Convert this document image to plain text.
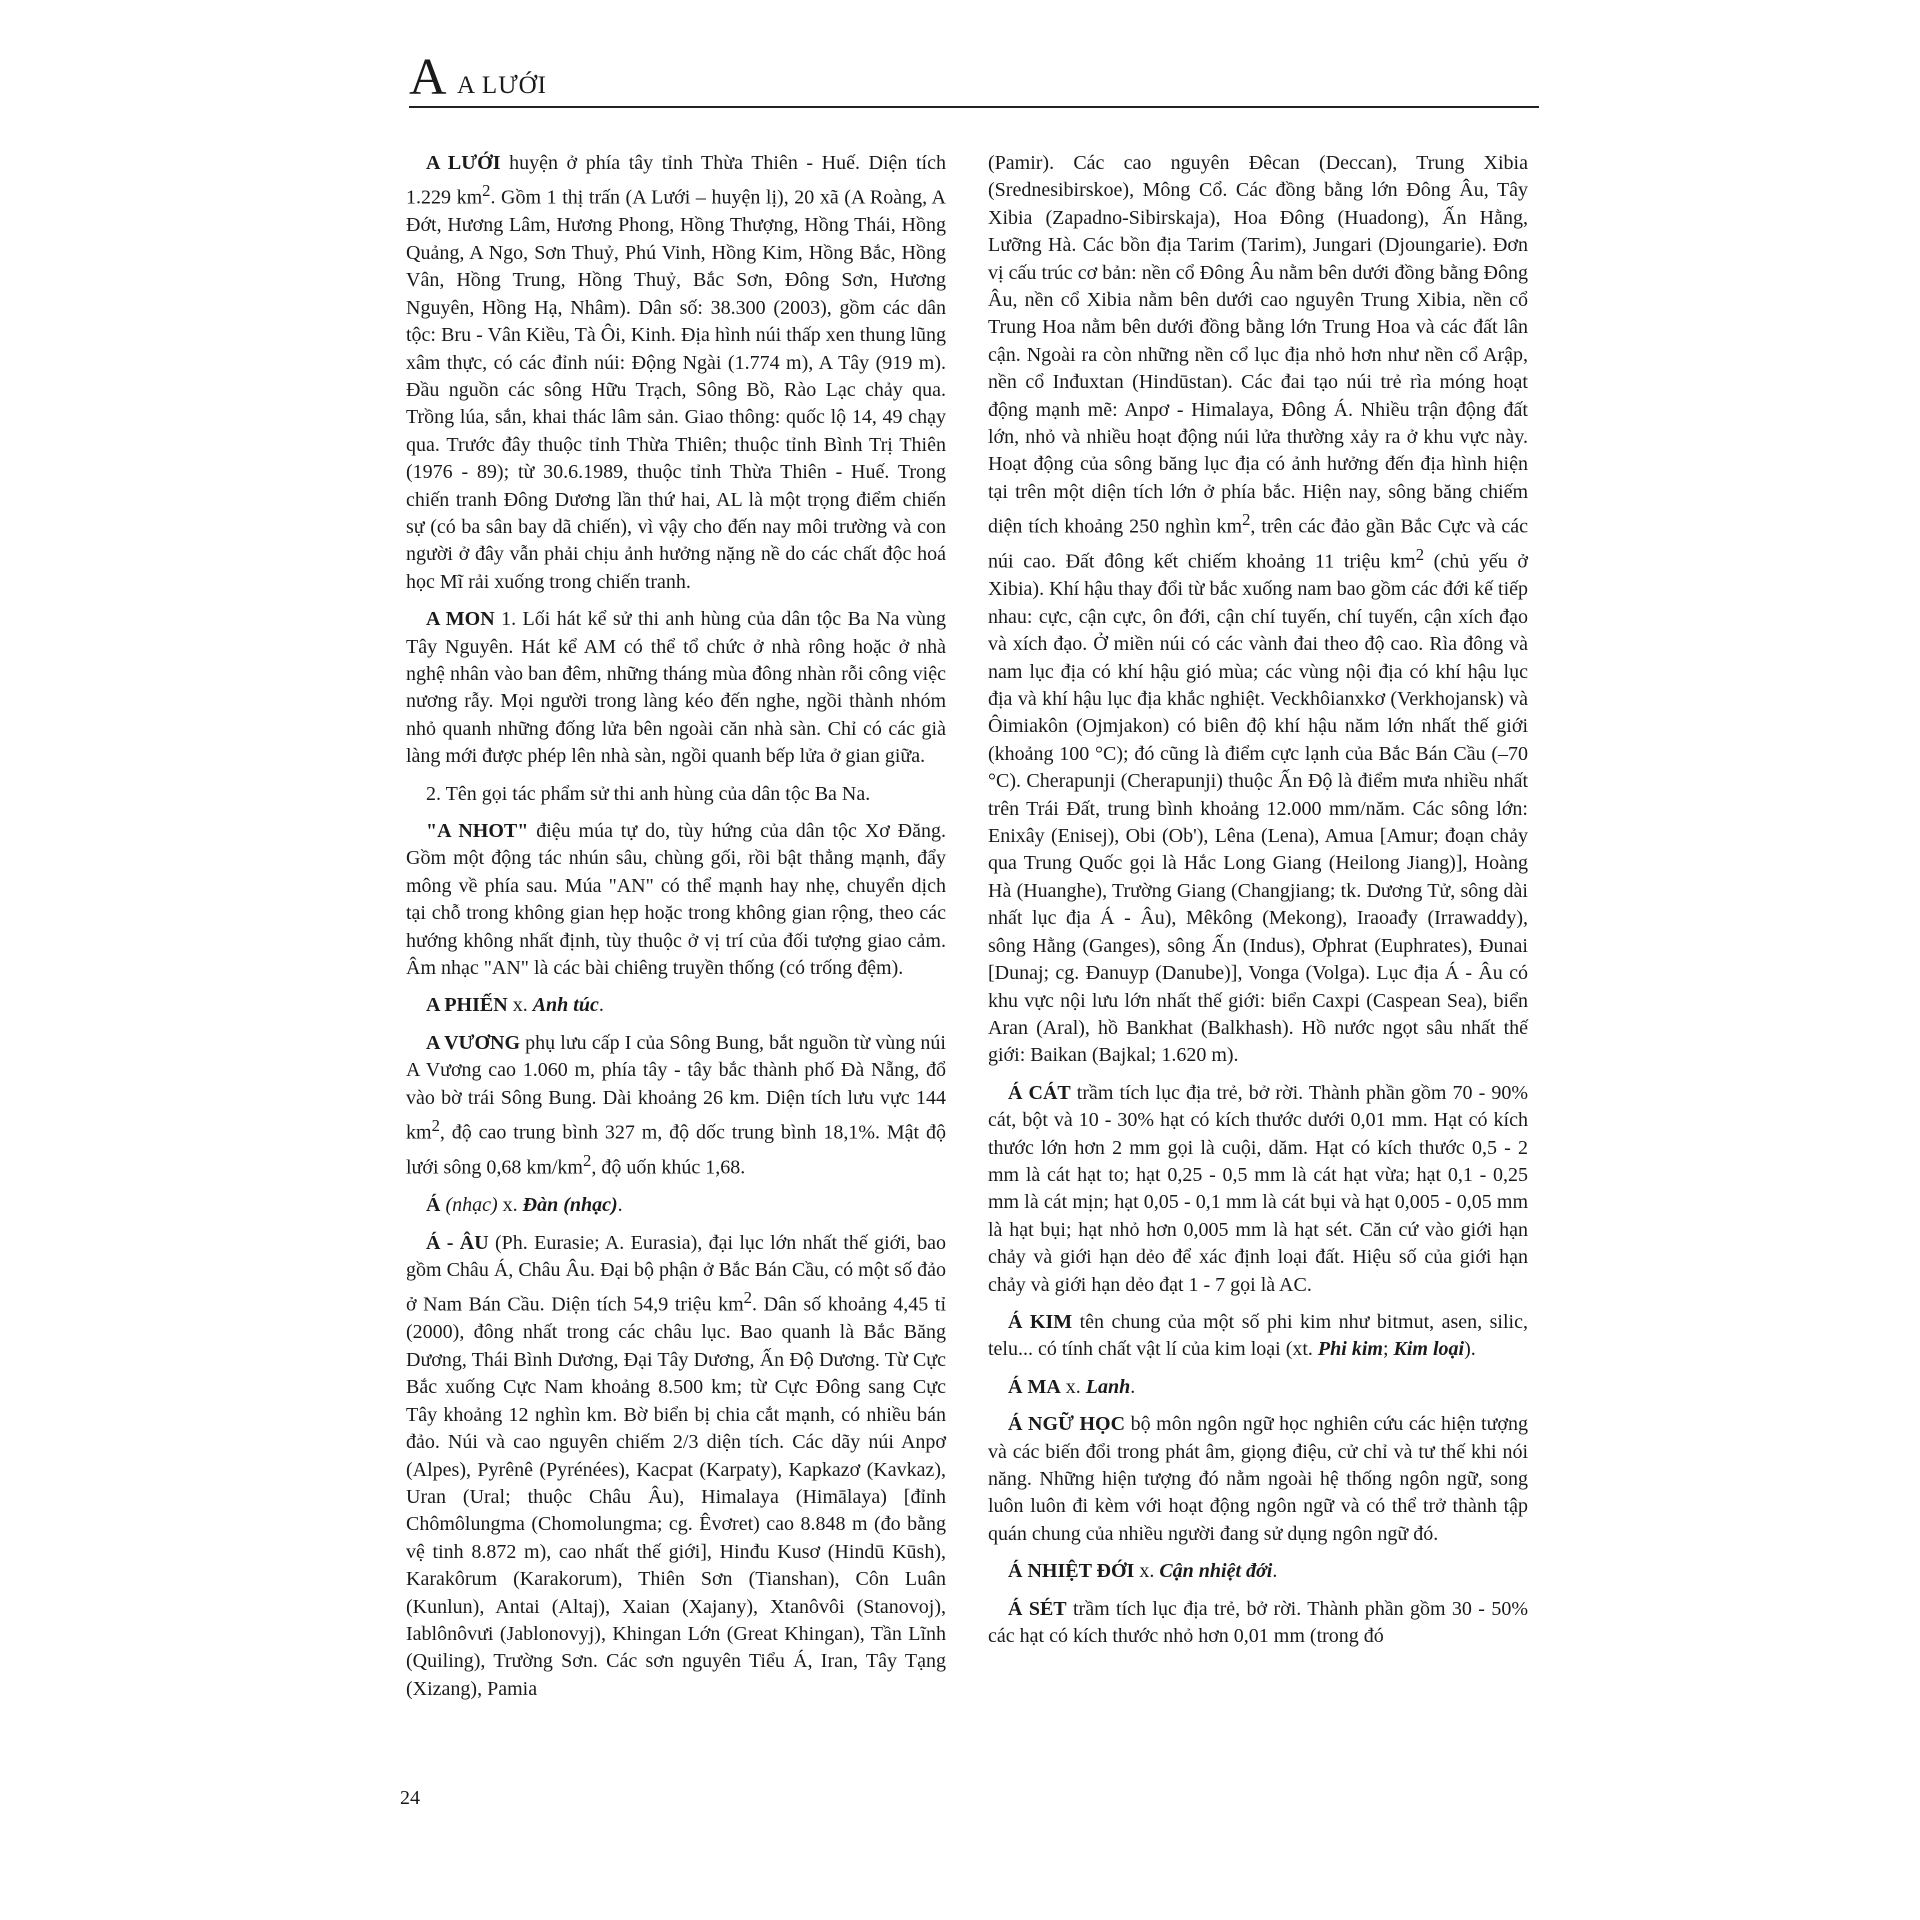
A A LƯỚI

A LƯỚI huyện ở phía tây tỉnh Thừa Thiên - Huế. Diện tích 1.229 $km^2$. Gồm 1 thị trấn (A Lưới – huyện lị), 20 xã (A Roàng, A Đớt, Hương Lâm, Hương Phong, Hồng Thượng, Hồng Thái, Hồng Quảng, A Ngo, Sơn Thuỷ, Phú Vinh, Hồng Kim, Hồng Bắc, Hồng Vân, Hồng Trung, Hồng Thuỷ, Bắc Sơn, Đông Sơn, Hương Nguyên, Hồng Hạ, Nhâm). Dân số: 38.300 (2003), gồm các dân tộc: Bru - Vân Kiều, Tà Ôi, Kinh. Địa hình núi thấp xen thung lũng xâm thực, có các đỉnh núi: Động Ngài (1.774 m), A Tây (919 m). Đầu nguồn các sông Hữu Trạch, Sông Bồ, Rào Lạc chảy qua. Trồng lúa, sắn, khai thác lâm sản. Giao thông: quốc lộ 14, 49 chạy qua. Trước đây thuộc tỉnh Thừa Thiên; thuộc tỉnh Bình Trị Thiên (1976 - 89); từ 30.6.1989, thuộc tỉnh Thừa Thiên - Huế. Trong chiến tranh Đông Dương lần thứ hai, AL là một trọng điểm chiến sự (có ba sân bay dã chiến), vì vậy cho đến nay môi trường và con người ở đây vẫn phải chịu ảnh hưởng nặng nề do các chất độc hoá học Mĩ rải xuống trong chiến tranh.

A MON 1. Lối hát kể sử thi anh hùng của dân tộc Ba Na vùng Tây Nguyên. Hát kể AM có thể tổ chức ở nhà rông hoặc ở nhà nghệ nhân vào ban đêm, những tháng mùa đông nhàn rỗi công việc nương rẫy. Mọi người trong làng kéo đến nghe, ngồi thành nhóm nhỏ quanh những đống lửa bên ngoài căn nhà sàn. Chỉ có các già làng mới được phép lên nhà sàn, ngồi quanh bếp lửa ở gian giữa.

2. Tên gọi tác phẩm sử thi anh hùng của dân tộc Ba Na.

"A NHOT" điệu múa tự do, tùy hứng của dân tộc Xơ Đăng. Gồm một động tác nhún sâu, chùng gối, rồi bật thẳng mạnh, đẩy mông về phía sau. Múa "AN" có thể mạnh hay nhẹ, chuyển dịch tại chỗ trong không gian hẹp hoặc trong không gian rộng, theo các hướng không nhất định, tùy thuộc ở vị trí của đối tượng giao cảm. Âm nhạc "AN" là các bài chiêng truyền thống (có trống đệm).

A PHIẾN x. Anh túc.

A VƯƠNG phụ lưu cấp I của Sông Bung, bắt nguồn từ vùng núi A Vương cao 1.060 m, phía tây - tây bắc thành phố Đà Nẵng, đổ vào bờ trái Sông Bung. Dài khoảng 26 km. Diện tích lưu vực 144 $km^2$, độ cao trung bình 327 m, độ dốc trung bình 18,1%. Mật độ lưới sông 0,68 $km/km^2$, độ uốn khúc 1,68.

Á (nhạc) x. Đàn (nhạc).

Á - ÂU (Ph. Eurasie; A. Eurasia), đại lục lớn nhất thế giới, bao gồm Châu Á, Châu Âu. Đại bộ phận ở Bắc Bán Cầu, có một số đảo ở Nam Bán Cầu. Diện tích 54,9 triệu $km^2$. Dân số khoảng 4,45 tỉ (2000), đông nhất trong các châu lục. Bao quanh là Bắc Băng Dương, Thái Bình Dương, Đại Tây Dương, Ấn Độ Dương. Từ Cực Bắc xuống Cực Nam khoảng 8.500 km; từ Cực Đông sang Cực Tây khoảng 12 nghìn km. Bờ biển bị chia cắt mạnh, có nhiều bán đảo. Núi và cao nguyên chiếm 2/3 diện tích. Các dãy núi Anpơ (Alpes), Pyrênê (Pyrénées), Kacpat (Karpaty), Kapkazơ (Kavkaz), Uran (Ural; thuộc Châu Âu), Himalaya (Himālaya) [đỉnh Chômôlungma (Chomolungma; cg. Êvơret) cao 8.848 m (đo bằng vệ tinh 8.872 m), cao nhất thế giới], Hinđu Kusơ (Hindū Kūsh), Karakôrum (Karakorum), Thiên Sơn (Tianshan), Côn Luân (Kunlun), Antai (Altaj), Xaian (Xajany), Xtanôvôi (Stanovoj), Iablônôvưi (Jablonovyj), Khingan Lớn (Great Khingan), Tần Lĩnh (Quiling), Trường Sơn. Các sơn nguyên Tiểu Á, Iran, Tây Tạng (Xizang), Pamia

(Pamir). Các cao nguyên Đêcan (Deccan), Trung Xibia (Srednesibirskoe), Mông Cổ. Các đồng bằng lớn Đông Âu, Tây Xibia (Zapadno-Sibirskaja), Hoa Đông (Huadong), Ấn Hằng, Lưỡng Hà. Các bồn địa Tarim (Tarim), Jungari (Djoungarie). Đơn vị cấu trúc cơ bản: nền cổ Đông Âu nằm bên dưới đồng bằng Đông Âu, nền cổ Xibia nằm bên dưới cao nguyên Trung Xibia, nền cổ Trung Hoa nằm bên dưới đồng bằng lớn Trung Hoa và các đất lân cận. Ngoài ra còn những nền cổ lục địa nhỏ hơn như nền cổ Arập, nền cổ Inđuxtan (Hindūstan). Các đai tạo núi trẻ rìa móng hoạt động mạnh mẽ: Anpơ - Himalaya, Đông Á. Nhiều trận động đất lớn, nhỏ và nhiều hoạt động núi lửa thường xảy ra ở khu vực này. Hoạt động của sông băng lục địa có ảnh hưởng đến địa hình hiện tại trên một diện tích lớn ở phía bắc. Hiện nay, sông băng chiếm diện tích khoảng 250 nghìn $km^2$, trên các đảo gần Bắc Cực và các núi cao. Đất đông kết chiếm khoảng 11 triệu $km^2$ (chủ yếu ở Xibia). Khí hậu thay đổi từ bắc xuống nam bao gồm các đới kế tiếp nhau: cực, cận cực, ôn đới, cận chí tuyến, chí tuyến, cận xích đạo và xích đạo. Ở miền núi có các vành đai theo độ cao. Rìa đông và nam lục địa có khí hậu gió mùa; các vùng nội địa có khí hậu lục địa và khí hậu lục địa khắc nghiệt. Veckhôianxkơ (Verkhojansk) và Ôimiakôn (Ojmjakon) có biên độ khí hậu năm lớn nhất thế giới (khoảng 100 °C); đó cũng là điểm cực lạnh của Bắc Bán Cầu (–70 °C). Cherapunji (Cherapunji) thuộc Ấn Độ là điểm mưa nhiều nhất trên Trái Đất, trung bình khoảng 12.000 mm/năm. Các sông lớn: Enixây (Enisej), Obi (Ob'), Lêna (Lena), Amua [Amur; đoạn chảy qua Trung Quốc gọi là Hắc Long Giang (Heilong Jiang)], Hoàng Hà (Huanghe), Trường Giang (Changjiang; tk. Dương Tử, sông dài nhất lục địa Á - Âu), Mêkông (Mekong), Iraoađy (Irrawaddy), sông Hằng (Ganges), sông Ấn (Indus), Ơphrat (Euphrates), Đunai [Dunaj; cg. Đanuyp (Danube)], Vonga (Volga). Lục địa Á - Âu có khu vực nội lưu lớn nhất thế giới: biển Caxpi (Caspean Sea), biển Aran (Aral), hồ Bankhat (Balkhash). Hồ nước ngọt sâu nhất thế giới: Baikan (Bajkal; 1.620 m).

Á CÁT trầm tích lục địa trẻ, bở rời. Thành phần gồm 70 - 90% cát, bột và 10 - 30% hạt có kích thước dưới 0,01 mm. Hạt có kích thước lớn hơn 2 mm gọi là cuội, dăm. Hạt có kích thước 0,5 - 2 mm là cát hạt to; hạt 0,25 - 0,5 mm là cát hạt vừa; hạt 0,1 - 0,25 mm là cát mịn; hạt 0,05 - 0,1 mm là cát bụi và hạt 0,005 - 0,05 mm là hạt bụi; hạt nhỏ hơn 0,005 mm là hạt sét. Căn cứ vào giới hạn chảy và giới hạn dẻo để xác định loại đất. Hiệu số của giới hạn chảy và giới hạn dẻo đạt 1 - 7 gọi là AC.

Á KIM tên chung của một số phi kim như bitmut, asen, silic, telu... có tính chất vật lí của kim loại (xt. Phi kim; Kim loại).

Á MA x. Lanh.

Á NGỮ HỌC bộ môn ngôn ngữ học nghiên cứu các hiện tượng và các biến đổi trong phát âm, giọng điệu, cử chỉ và tư thế khi nói năng. Những hiện tượng đó nằm ngoài hệ thống ngôn ngữ, song luôn luôn đi kèm với hoạt động ngôn ngữ và có thể trở thành tập quán chung của nhiều người đang sử dụng ngôn ngữ đó.

Á NHIỆT ĐỚI x. Cận nhiệt đới.

Á SÉT trầm tích lục địa trẻ, bở rời. Thành phần gồm 30 - 50% các hạt có kích thước nhỏ hơn 0,01 mm (trong đó

24
